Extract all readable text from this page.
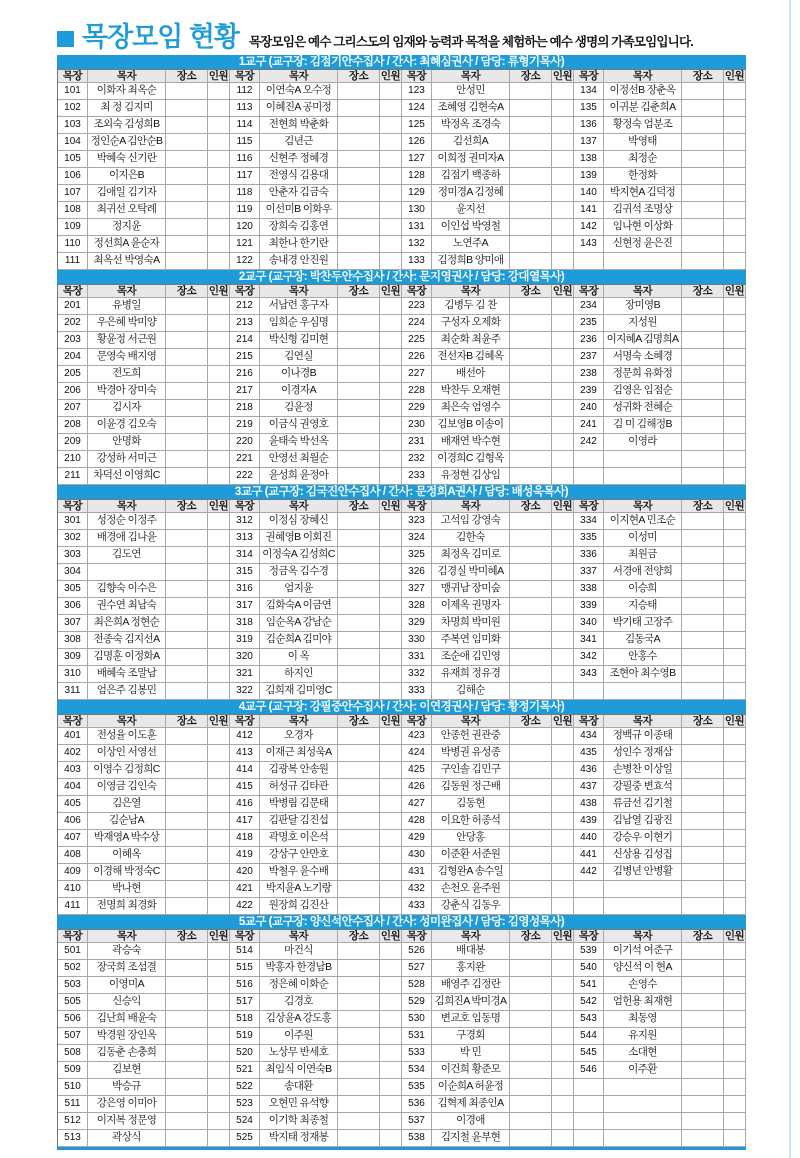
목장모임 현황 목장모임은 예수 그리스도의 임재와 능력과 목적을 체험하는 예수 생명의 가족모임입니다.

1교구 (교구장: 김점기안수집사 / 간사: 최혜심권사 / 담당: 류형기목사)
목장	목자	장소	인원 목장	목자	장소	인원 목장	목자	장소	인원 목장	목자	장소	인원
101	이화자 최옥순	112	이연숙A 오수정	123	안성민	134	이정선B 장춘옥
102	최 정 김지미	113	이혜진A 공미정	124	조혜영 김현숙A	135	이귀분 김춘희A
103	조외숙 김성희B	114	전현희 박춘화	125	박정옥 조경숙	136	황정숙 엄분조
104 정인순A 김안순B	115	김년근	126	김선희A	137	박영태
105	박혜숙 신기란	116	신현주 정혜경	127	이희정 권미자A	138	최정순
106	이지은B	117	전영식 김용대	128	김점기 백종하	139	한정화
107	김애일 김기자	118	안춘자 김금숙	129	정미경A 김정혜	140	박지현A 김덕정
108	최귀선 오탁례	119	이선미B 이화우	130	윤지선	141	김귀석 조명상
109	정지윤	120	장희숙 김홍연	131	이인섭 박영철	142	임나현 이상화
110	정선희A 윤순자	121	최한나 한기란	132	노연주A	143	신현정 윤은진
111	최옥선 박영숙A	122	송내경 안진원	133	김정희B 양미애
2교구 (교구장: 박찬두안수집사 / 간사: 문지영권사 / 담당: 강대열목사)
목장	목자	장소	인원 목장	목자	장소	인원 목장	목자	장소	인원 목장	목자	장소	인원
201	유병일	212	서남련 홍구자	223	김병두 김 찬	234	장미영B
202	우은혜 박미양	213	임희순 우심명	224	구성자 오제화	235	지성원
203	황윤정 서근원	214	박신형 김미현	225	최순화 최윤주	236 이지혜A 김명희A
204	문영숙 배지영	215	김연실	226	전선자B 김혜옥	237	서명숙 소혜경
205	전도희	216	이나경B	227	배선아	238	정문희 유화정
206	박경아 장미숙	217	이경자A	228	박찬두 오재현	239	김영은 임점순
207	김시자	218	김윤정	229	최은숙 엄영수	240	성귀화 전혜순
208	이윤경 김오숙	219	이금식 권영호	230	김보영B 이송이	241	김 미 김해정B
209	안명화	220	윤태숙 박선옥	231	배재연 박수현	242	이영라
210	강성하 서미근	221	안영선 최월순	232	이경희C 김형옥
211	차덕선 이영희C	222	윤성희 윤정아	233	유정현 김상임
3교구 (교구장: 김국진안수집사 / 간사: 문정희A권사 / 담당: 배성욱목사)
목장	목자	장소	인원 목장	목자	장소	인원 목장	목자	장소	인원 목장	목자	장소	인원
301	성정순 이정주	312	이정심 장혜신	323	고석임 강영숙	334	이지현A 민조순
302	배경애 김나윤	313	권혜영B 이회진	324	김한숙	335	이성미
303	김도연	314 이정숙A 김성희C	325	최정옥 김미로	336	최원금
304	315	정금옥 김수경	326	김경실 박미혜A	337	서경애 전양희
305	김향숙 이수은	316	엄지윤	327	맹귀남 장미숲	338	이승희
306	권수연 최남숙	317	김화숙A 이금연	328	이제옥 권명자	339	지승태
307	최은희A 정현순	318	임순옥A 강남순	329	차명희 박미원	340	박기태 고장주
308	전종숙 김지선A	319	김순희A 김미야	330	주복연 임미화	341	김동국A
309	김명훈 이정화A	320	이 옥	331	조순애 김민영	342	안홍수
310	배혜숙 조말남	321	하지인	332	유재희 정유경	343	조현아 최수영B
311	엄은주 김봉민	322	김희재 김미영C	333	김해순
4교구 (교구장: 강필중안수집사 / 간사: 이연경권사 / 담당: 황정기목사)
목장	목자	장소	인원 목장	목자	장소	인원 목장	목자	장소	인원 목장	목자	장소	인원
401	전성율 이도훈	412	오경자	423	안종헌 권관중	434	정백규 이종태
402	이상인 서영선	413	이재근 최성욱A	424	박병권 유성종	435	성인수 정재삼
403	이영수 김정희C	414	김광복 안송원	425	구인솔 김민구	436	손병찬 이상일
404	이영금 김인숙	415	허성규 김타관	426	김동원 정근배	437	강필중 변효석
405	김은열	416	박병림 김문태	427	김동현	438	류금선 김기철
406	김순남A	417	김판달 김진섭	428	이요한 허종석	439	김남열 김광진
407	박재영A 박수상	418	곽명호 이은석	429	안당홍	440	강승우 이현기
408	이혜옥	419	강상구 안만호	430	이준환 서준원	441	신상용 김성집
409	이경해 박정숙C	420	박철우 윤수배	431	김형완A 송수일	442	김병년 안병활
410	박나현	421	박지윤A 노기랑	432	손천오 윤주원
411	전명희 최경화	422	원장희 김진산	433	강춘식 김동우
5교구 (교구장: 양신석안수집사 / 간사: 성미완집사 / 담당: 김영성목사)
목장	목자	장소	인원 목장	목자	장소	인원 목장	목자	장소	인원 목장	목자	장소	인원
501	곽승숙	514	마건식	526	배대봉	539	이기석 여준구
502	장국희 조섬결	515	박홍자 한경남B	527	홍지완	540	양신석 이 현A
503	이영미A	516	정은혜 이화순	528	배영주 김정란	541	손영수
505	신승익	517	김경호	529 김희진A 박미경A	542	엄헌용 최재현
506	김난희 배윤숙	518	김상윤A 강도홍	530	변교호 임동명	543	최동영
507	박경원 장인옥	519	이주원	531	구경회	544	유지원
508	김동춘 손충희	520	노상무 반세호	533	박 민	545	소대현
509	김보현	521	최임식 이연숙B	534	이건희 황준모	546	이주환
510	박승규	522	송대환	535	이순희A 허윤정
511	강은영 이미아	523	오현민 유석향	536	김혁제 최종인A
512	이지복 정문영	524	이기학 최종철	537	이경애
513	곽상식	525	박지태 정재봉	538	김지철 윤부현
